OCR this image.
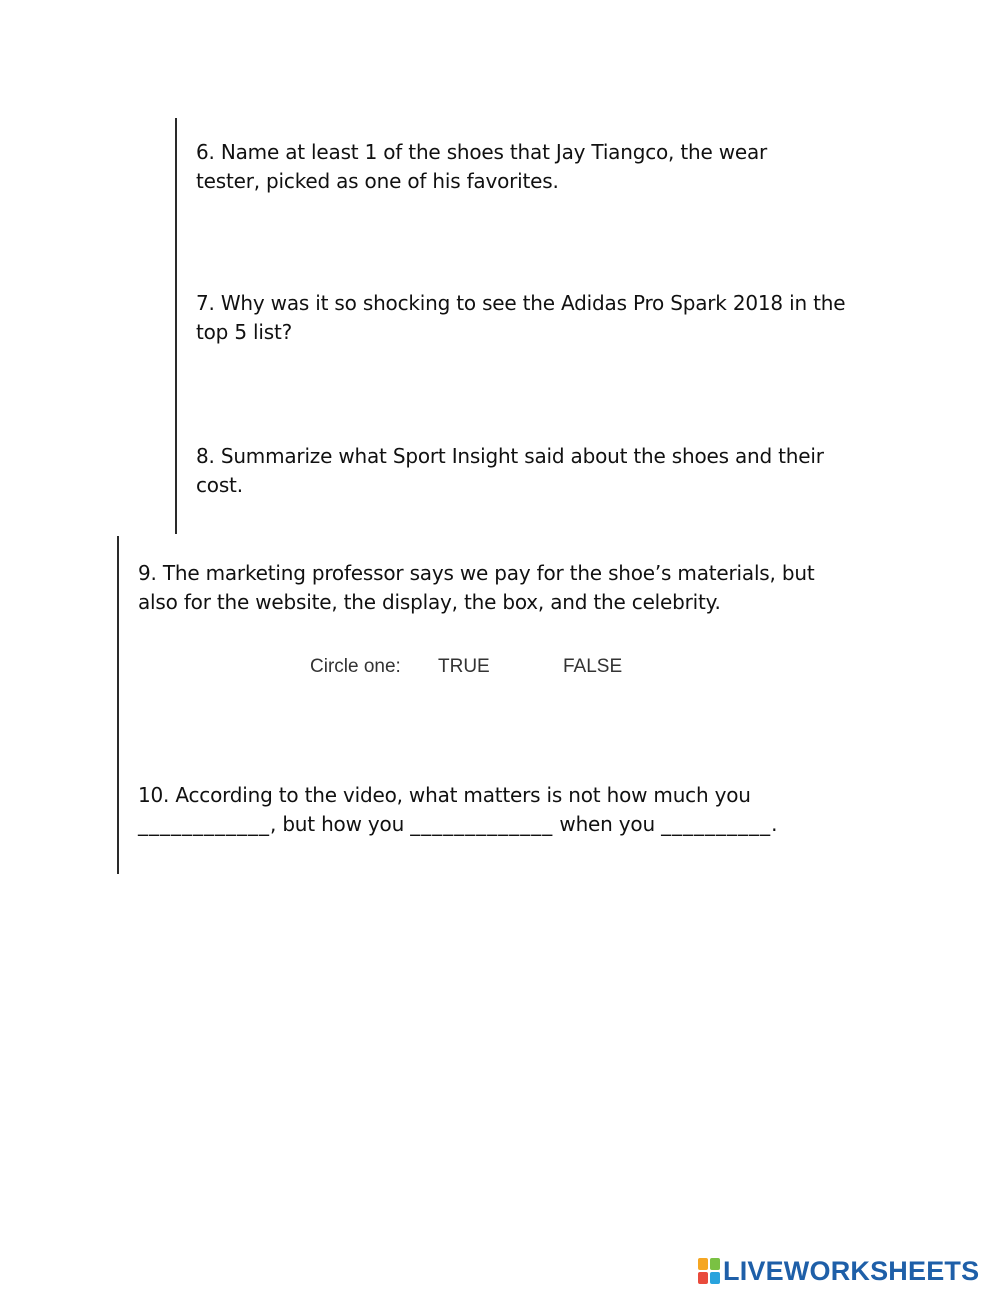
6. Name at least 1 of the shoes that Jay Tiangco, the wear tester, picked as one of his favorites.

7. Why was it so shocking to see the Adidas Pro Spark 2018 in the top 5 list?

8. Summarize what Sport Insight said about the shoes and their cost.

9. The marketing professor says we pay for the shoe’s materials, but also for the website, the display, the box, and the celebrity.

Circle one: TRUE	FALSE

10. According to the video, what matters is not how much you ____________, but how you _____________ when you __________.

LIVEWORKSHEETS
